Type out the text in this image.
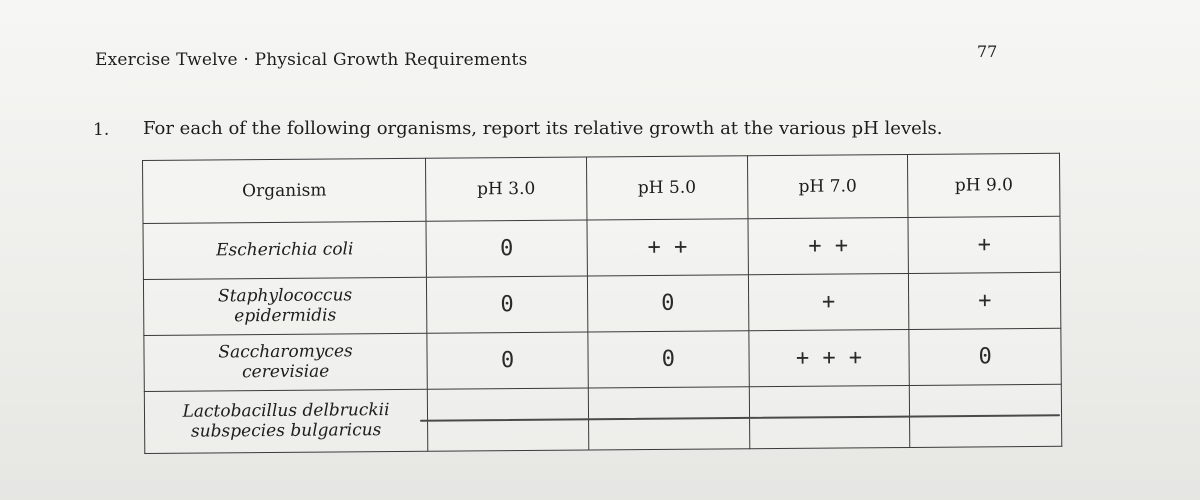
Exercise Twelve · Physical Growth Requirements	77
1. For each of the following organisms, report its relative growth at the various pH levels.
Organism	pH 3.0	pH 5.0	pH 7.0	pH 9.0

Escherichia coli	0	+ +	+ +	+

Staphylococcus
epidermidis	0	0	+	+

Saccharomyces
cerevisiae	0	0	+ + +	0

Lactobacillus delbruckii
subspecies bulgaricus				
